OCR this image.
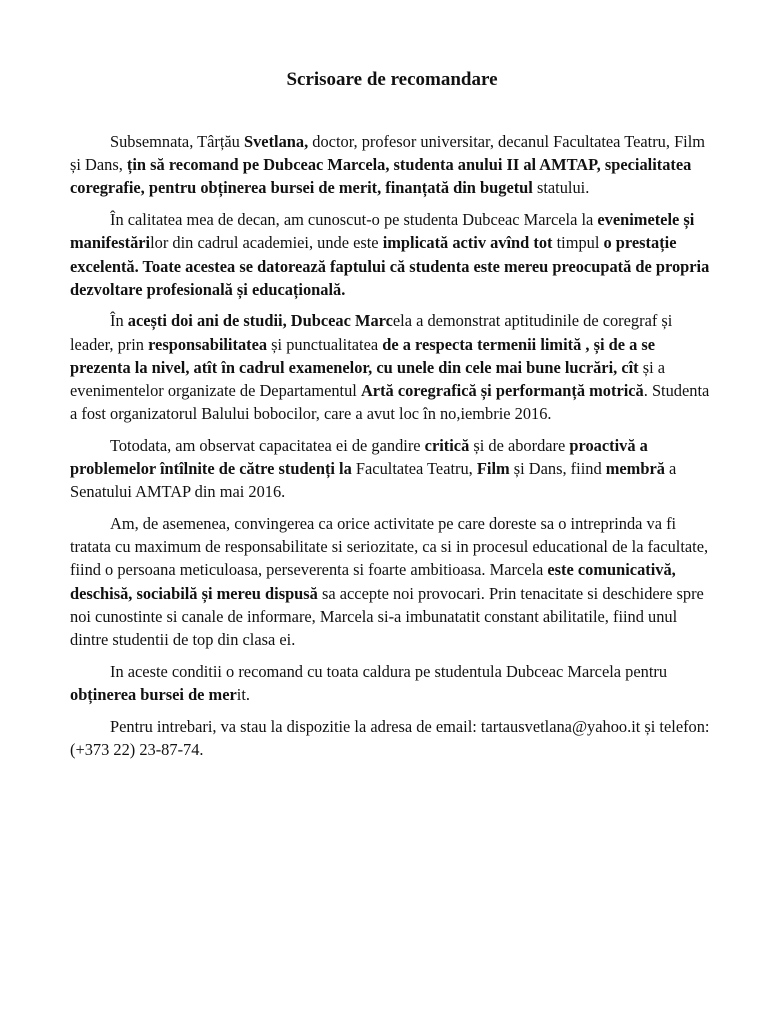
Scrisoare de recomandare

Subsemnata, Târțău Svetlana, doctor, profesor universitar, decanul Facultatea Teatru, Film și Dans, țin să recomand pe Dubceac Marcela, studenta anului II al AMTAP, specialitatea coregrafie, pentru obținerea bursei de merit, finanțată din bugetul statului.

În calitatea mea de decan, am cunoscut-o pe studenta Dubceac Marcela la evenimetele și manifestărilor din cadrul academiei, unde este implicată activ avînd tot timpul o prestație excelentă. Toate acestea se datorează faptului că studenta este mereu preocupată de propria dezvoltare profesională și educațională.

În acești doi ani de studii, Dubceac Marcela a demonstrat aptitudinile de coregraf și leader, prin responsabilitatea și punctualitatea de a respecta termenii limită , și de a se prezenta la nivel, atît în cadrul examenelor, cu unele din cele mai bune lucrări, cît și a evenimentelor organizate de Departamentul Artă coregrafică și performanță motrică. Studenta a fost organizatorul Balului bobocilor, care a avut loc în no,iembrie 2016.

Totodata, am observat capacitatea ei de gandire critică și de abordare proactivă a problemelor întîlnite de către studenți la Facultatea Teatru, Film și Dans, fiind membră a Senatului AMTAP din mai 2016.

Am, de asemenea, convingerea ca orice activitate pe care doreste sa o intreprinda va fi tratata cu maximum de responsabilitate si seriozitate, ca si in procesul educational de la facultate, fiind o persoana meticuloasa, perseverenta si foarte ambitioasa. Marcela este comunicativă, deschisă, sociabilă și mereu dispusă sa accepte noi provocari. Prin tenacitate si deschidere spre noi cunostinte si canale de informare, Marcela si-a imbunatatit constant abilitatile, fiind unul dintre studentii de top din clasa ei.

In aceste conditii o recomand cu toata caldura pe studentula Dubceac Marcela pentru obținerea bursei de merit.

Pentru intrebari, va stau la dispozitie la adresa de email: tartausvetlana@yahoo.it și telefon: (+373 22) 23-87-74.
